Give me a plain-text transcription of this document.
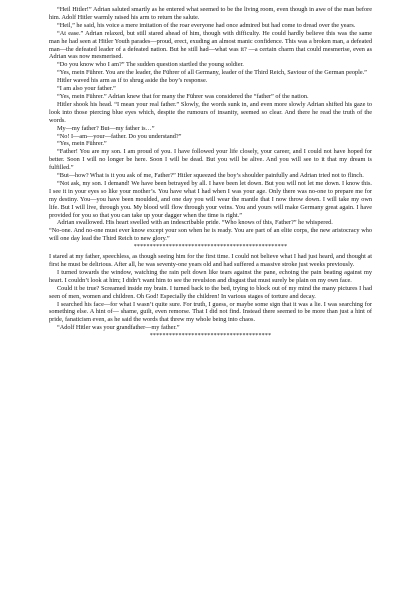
“Heil Hitler!” Adrian saluted smartly as he entered what seemed to be the living room, even though in awe of the man before him. Adolf Hitler warmly raised his arm to return the salute.

“Heil,” he said, his voice a mere imitation of the roar everyone had once admired but had come to dread over the years.

“At ease.” Adrian relaxed, but still stared ahead of him, though with difficulty. He could hardly believe this was the same man he had seen at Hitler Youth parades—proud, erect, exuding an almost manic confidence. This was a broken man, a defeated man—the defeated leader of a defeated nation. But he still had—what was it? —a certain charm that could mesmerise, even as Adrian was now mesmerised.

“Do you know who I am?” The sudden question startled the young soldier.

“Yes, mein Führer. You are the leader, the Führer of all Germany, leader of the Third Reich, Saviour of the German people.”

Hitler waved his arm as if to shrug aside the boy’s response.

“I am also your father.”

“Yes, mein Führer.” Adrian knew that for many the Führer was considered the “father” of the nation.

Hitler shook his head. “I mean your real father.” Slowly, the words sunk in, and even more slowly Adrian shifted his gaze to look into those piercing blue eyes which, despite the rumours of insanity, seemed so clear. And there he read the truth of the words.

My—my father? But—my father is…”

“No! I—am—your—father. Do you understand?”

“Yes, mein Führer.”

“Father! You are my son. I am proud of you. I have followed your life closely, your career, and I could not have hoped for better. Soon I will no longer be here. Soon I will be dead. But you will be alive. And you will see to it that my dream is fulfilled.”

“But—how? What is it you ask of me, Father?” Hitler squeezed the boy’s shoulder painfully and Adrian tried not to flinch.

“Not ask, my son. I demand! We have been betrayed by all. I have been let down. But you will not let me down. I know this. I see it in your eyes so like your mother’s. You have what I had when I was your age. Only there was no-one to prepare me for my destiny. You—you have been moulded, and one day you will wear the mantle that I now throw down. I will take my own life. But I will live, through you. My blood will flow through your veins. You and yours will make Germany great again. I have provided for you so that you can take up your dagger when the time is right.”

Adrian swallowed. His heart swelled with an indescribable pride. “Who knows of this, Father?” he whispered.

“No-one. And no-one must ever know except your son when he is ready. You are part of an elite corps, the new aristocracy who will one day lead the Third Reich to new glory.”

************************************************

I stared at my father, speechless, as though seeing him for the first time. I could not believe what I had just heard, and thought at first he must be delirious. After all, he was seventy-one years old and had suffered a massive stroke just weeks previously.

I turned towards the window, watching the rain pelt down like tears against the pane, echoing the pain beating against my heart. I couldn’t look at him; I didn’t want him to see the revulsion and disgust that must surely be plain on my own face.

Could it be true? Screamed inside my brain. I turned back to the bed, trying to block out of my mind the many pictures I had seen of men, women and children. Oh God! Especially the children! In various stages of torture and decay.

I searched his face—for what I wasn’t quite sure. For truth, I guess, or maybe some sign that it was a lie. I was searching for something else. A hint of— shame, guilt, even remorse. That I did not find. Instead there seemed to be more than just a hint of pride, fanaticism even, as he said the words that threw my whole being into chaos.

“Adolf Hitler was your grandfather—my father.”

**************************************
